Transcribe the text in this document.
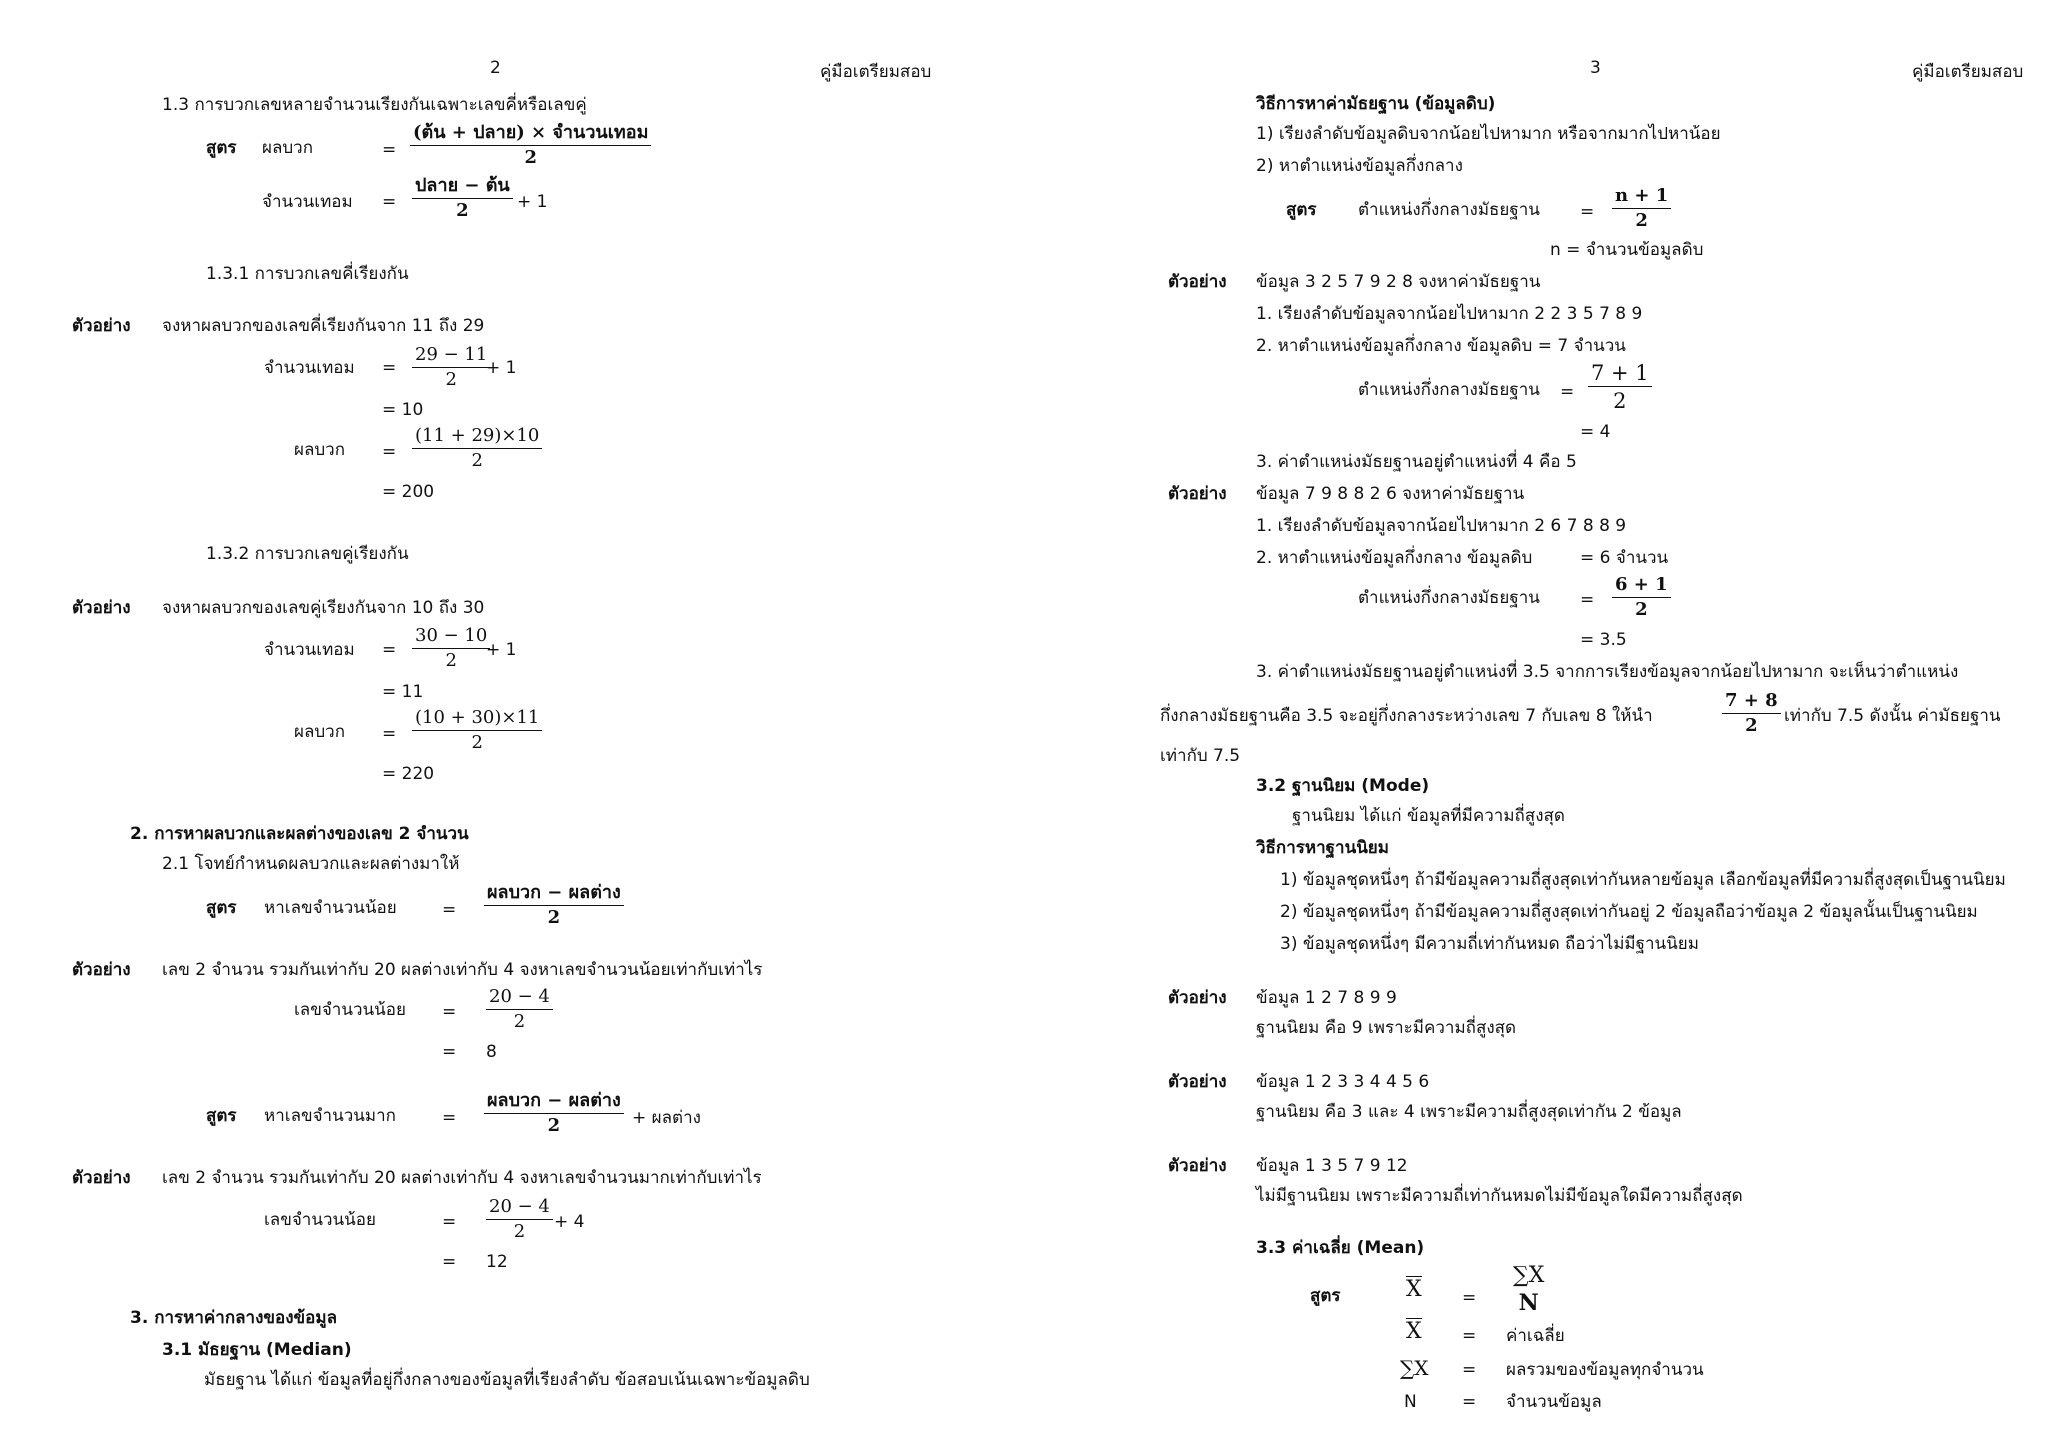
2	คู่มือเตรียมสอบ
1.3 การบวกเลขหลายจำนวนเรียงกันเฉพาะเลขคี่หรือเลขคู่
สูตร ผลบวก	=
(ต้น + ปลาย) × จำนวนเทอม
2
จำนวนเทอม =
ปลาย − ต้น
2	+ 1
1.3.1 การบวกเลขคี่เรียงกัน
ตัวอย่าง จงหาผลบวกของเลขคี่เรียงกันจาก 11 ถึง 29
จำนวนเทอม = $\frac{29 - 11}{2}$
+ 1
= 10
ผลบวก = $\frac{(11 + 29)\times 10}{2}$
= 200
1.3.2 การบวกเลขคู่เรียงกัน
ตัวอย่าง จงหาผลบวกของเลขคู่เรียงกันจาก 10 ถึง 30
จำนวนเทอม = $\frac{30 - 10}{2}$
+ 1
= 11
ผลบวก = $\frac{(10 + 30)\times 11}{2}$
= 220
2. การหาผลบวกและผลต่างของเลข 2 จำนวน
2.1 โจทย์กำหนดผลบวกและผลต่างมาให้
สูตร หาเลขจำนวนน้อย	=
ผลบวก − ผลต่าง
2
ตัวอย่าง เลข 2 จำนวน รวมกันเท่ากับ 20 ผลต่างเท่ากับ 4 จงหาเลขจำนวนน้อยเท่ากับเท่าไร
เลขจำนวนน้อย = $\frac{20 - 4}{2}$
= 8
สูตร หาเลขจำนวนมาก	=
ผลบวก − ผลต่าง
2	+ ผลต่าง
ตัวอย่าง เลข 2 จำนวน รวมกันเท่ากับ 20 ผลต่างเท่ากับ 4 จงหาเลขจำนวนมากเท่ากับเท่าไร
เลขจำนวนน้อย	= $\frac{20 - 4}{2} + 4$
= 12
3. การหาค่ากลางของข้อมูล
3.1 มัธยฐาน (Median)
มัธยฐาน ได้แก่ ข้อมูลที่อยู่กึ่งกลางของข้อมูลที่เรียงลำดับ ข้อสอบเน้นเฉพาะข้อมูลดิบ
3	คู่มือเตรียมสอบ
วิธีการหาค่ามัธยฐาน (ข้อมูลดิบ)
1) เรียงลำดับข้อมูลดิบจากน้อยไปหามาก หรือจากมากไปหาน้อย
2) หาตำแหน่งข้อมูลกึ่งกลาง
สูตร ตำแหน่งกึ่งกลางมัธยฐาน = $\frac{n + 1}{2}$
n = จำนวนข้อมูลดิบ
ตัวอย่าง ข้อมูล 3 2 5 7 9 2 8 จงหาค่ามัธยฐาน
1. เรียงลำดับข้อมูลจากน้อยไปหามาก 2 2 3 5 7 8 9
2. หาตำแหน่งข้อมูลกึ่งกลาง ข้อมูลดิบ = 7 จำนวน
ตำแหน่งกึ่งกลางมัธยฐาน = $\frac{7 + 1}{2}$
= 4
3. ค่าตำแหน่งมัธยฐานอยู่ตำแหน่งที่ 4 คือ 5
ตัวอย่าง ข้อมูล 7 9 8 8 2 6 จงหาค่ามัธยฐาน
1. เรียงลำดับข้อมูลจากน้อยไปหามาก 2 6 7 8 8 9
2. หาตำแหน่งข้อมูลกึ่งกลาง ข้อมูลดิบ	= 6 จำนวน
ตำแหน่งกึ่งกลางมัธยฐาน = $\frac{6 + 1}{2}$
= 3.5
3. ค่าตำแหน่งมัธยฐานอยู่ตำแหน่งที่ 3.5 จากการเรียงข้อมูลจากน้อยไปหามาก จะเห็นว่าตำแหน่ง
กึ่งกลางมัธยฐานคือ 3.5 จะอยู่กึ่งกลางระหว่างเลข 7 กับเลข 8 ให้นำ	$\frac{7 + 8}{2}$ เท่ากับ 7.5 ดังนั้น ค่ามัธยฐาน
เท่ากับ 7.5
3.2 ฐานนิยม (Mode)
ฐานนิยม ได้แก่ ข้อมูลที่มีความถี่สูงสุด
วิธีการหาฐานนิยม
1) ข้อมูลชุดหนึ่งๆ ถ้ามีข้อมูลความถี่สูงสุดเท่ากันหลายข้อมูล เลือกข้อมูลที่มีความถี่สูงสุดเป็นฐานนิยม
2) ข้อมูลชุดหนึ่งๆ ถ้ามีข้อมูลความถี่สูงสุดเท่ากันอยู่ 2 ข้อมูลถือว่าข้อมูล 2 ข้อมูลนั้นเป็นฐานนิยม
3) ข้อมูลชุดหนึ่งๆ มีความถี่เท่ากันหมด ถือว่าไม่มีฐานนิยม
ตัวอย่าง ข้อมูล 1 2 7 8 9 9
ฐานนิยม คือ 9 เพราะมีความถี่สูงสุด
ตัวอย่าง ข้อมูล 1 2 3 3 4 4 5 6
ฐานนิยม คือ 3 และ 4 เพราะมีความถี่สูงสุดเท่ากัน 2 ข้อมูล
ตัวอย่าง ข้อมูล 1 3 5 7 9 12
ไม่มีฐานนิยม เพราะมีความถี่เท่ากันหมดไม่มีข้อมูลใดมีความถี่สูงสุด
3.3 ค่าเฉลี่ย (Mean)
สูตร	X =
∑X
N
X = ค่าเฉลี่ย
∑X = ผลรวมของข้อมูลทุกจำนวน
N	= จำนวนข้อมูล
